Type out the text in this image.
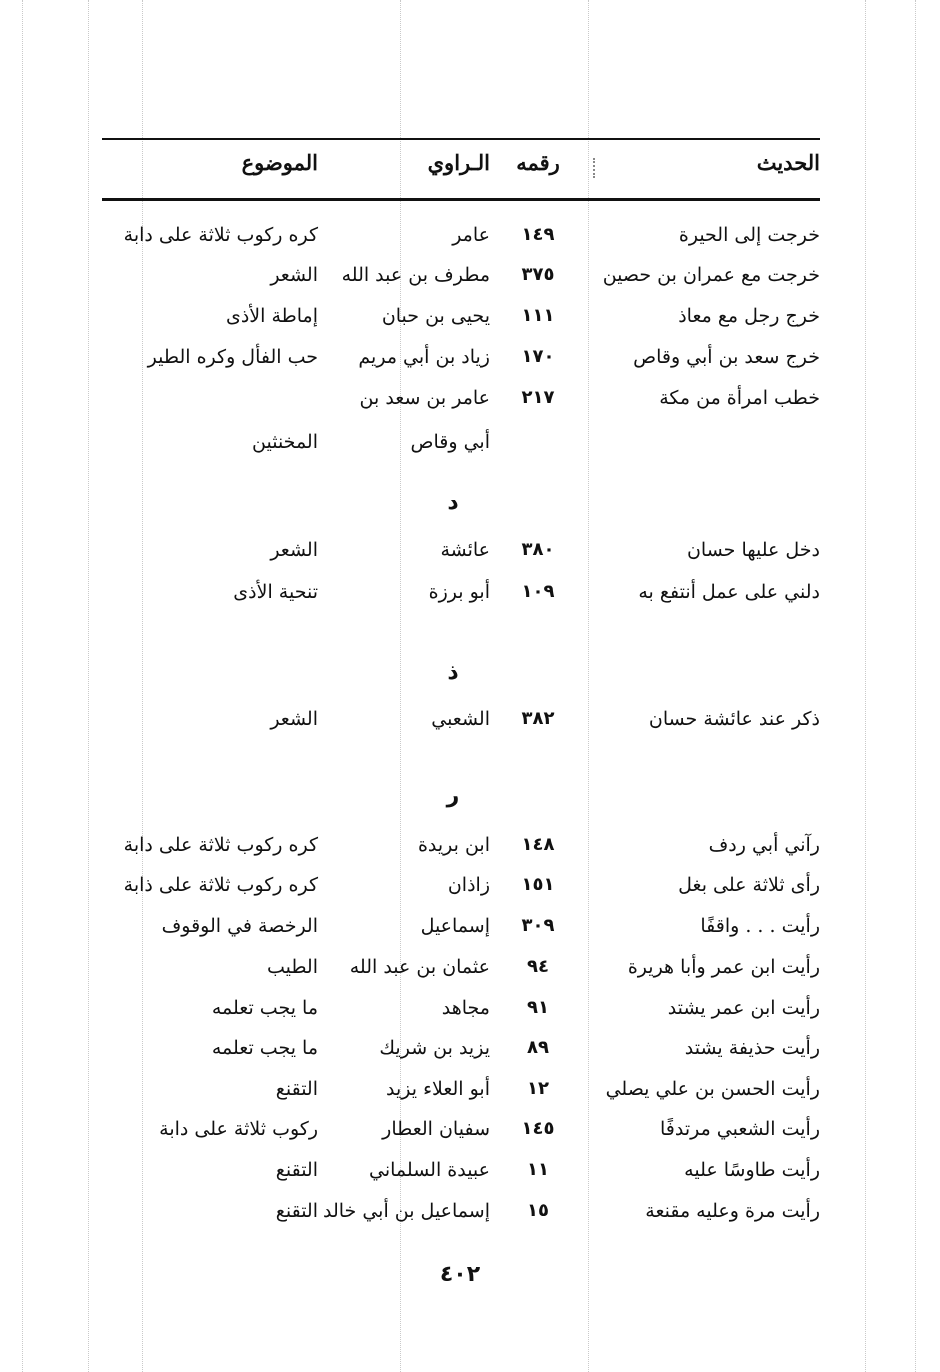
الحديث
رقمه
الـراوي
الموضوع
خرجت إلى الحيرة
١٤٩
عامر
كره ركوب ثلاثة على دابة
خرجت مع عمران بن حصين
٣٧٥
مطرف بن عبد الله
الشعر
خرج رجل مع معاذ
١١١
يحيى بن حبان
إماطة الأذى
خرج سعد بن أبي وقاص
١٧٠
زياد بن أبي مريم
حب الفأل وكره الطير
خطب امرأة من مكة
٢١٧
عامر بن سعد بن
أبي وقاص
المخنثين
د
دخل عليها حسان
٣٨٠
عائشة
الشعر
دلني على عمل أنتفع به
١٠٩
أبو برزة
تنحية الأذى
ذ
ذكر عند عائشة حسان
٣٨٢
الشعبي
الشعر
ر
رآني أبي ردف
١٤٨
ابن بريدة
كره ركوب ثلاثة على دابة
رأى ثلاثة على بغل
١٥١
زاذان
كره ركوب ثلاثة على ذابة
رأيت . . . واقفًا
٣٠٩
إسماعيل
الرخصة في الوقوف
رأيت ابن عمر وأبا هريرة
٩٤
عثمان بن عبد الله
الطيب
رأيت ابن عمر يشتد
٩١
مجاهد
ما يجب تعلمه
رأيت حذيفة يشتد
٨٩
يزيد بن شريك
ما يجب تعلمه
رأيت الحسن بن علي يصلي
١٢
أبو العلاء يزيد
التقنع
رأيت الشعبي مرتدفًا
١٤٥
سفيان العطار
ركوب ثلاثة على دابة
رأيت طاوسًا عليه
١١
عبيدة السلماني
التقنع
رأيت مرة وعليه مقنعة
١٥
إسماعيل بن أبي خالد
التقنع
٤٠٢
